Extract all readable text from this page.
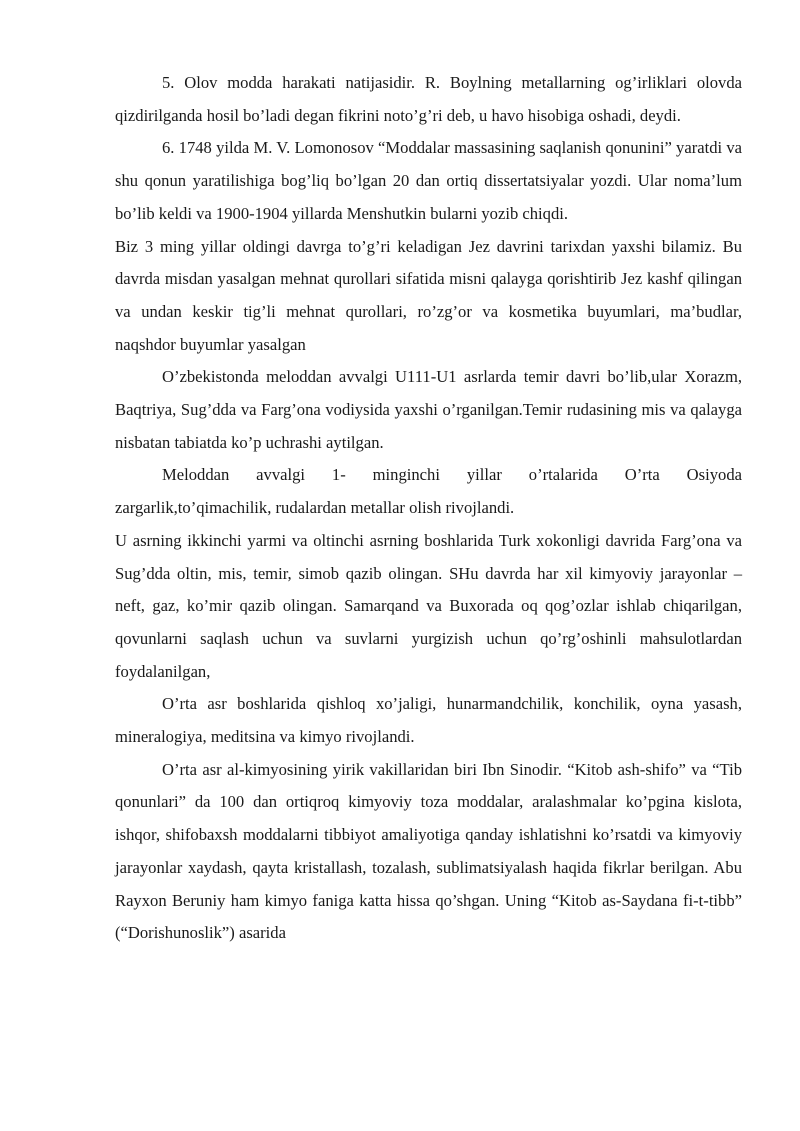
5. Olov modda harakati natijasidir. R. Boylning metallarning og’irliklari olovda qizdirilganda hosil bo’ladi degan fikrini noto’g’ri deb, u havo hisobiga oshadi, deydi.

6. 1748 yilda M. V. Lomonosov “Moddalar massasining saqlanish qonunini” yaratdi va shu qonun yaratilishiga bog’liq bo’lgan 20 dan ortiq dissertatsiyalar yozdi. Ular noma’lum bo’lib keldi va 1900-1904 yillarda Menshutkin bularni yozib chiqdi.

Biz 3 ming yillar oldingi davrga to’g’ri keladigan Jez davrini tarixdan yaxshi bilamiz. Bu davrda misdan yasalgan mehnat qurollari sifatida misni qalayga qorishtirib Jez kashf qilingan va undan keskir tig’li mehnat qurollari, ro’zg’or va kosmetika buyumlari, ma’budlar, naqshdor buyumlar yasalgan

O’zbekistonda meloddan avvalgi U111-U1 asrlarda temir davri bo’lib,ular Xorazm, Baqtriya, Sug’dda va Farg’ona vodiysida yaxshi o’rganilgan.Temir rudasining mis va qalayga nisbatan tabiatda ko’p uchrashi aytilgan.

Meloddan avvalgi 1- minginchi yillar o’rtalarida O’rta Osiyoda zargarlik,to’qimachilik, rudalardan metallar olish rivojlandi.

U asrning ikkinchi yarmi va oltinchi asrning boshlarida Turk xokonligi davrida Farg’ona va Sug’dda oltin, mis, temir, simob qazib olingan. SHu davrda har xil kimyoviy jarayonlar – neft, gaz, ko’mir qazib olingan. Samarqand va Buxorada oq qog’ozlar ishlab chiqarilgan, qovunlarni saqlash uchun va suvlarni yurgizish uchun qo’rg’oshinli mahsulotlardan foydalanilgan,

O’rta asr boshlarida qishloq xo’jaligi, hunarmandchilik, konchilik, oyna yasash, mineralogiya, meditsina va kimyo rivojlandi.

O’rta asr al-kimyosining yirik vakillaridan biri Ibn Sinodir. “Kitob ash-shifo” va “Tib qonunlari” da 100 dan ortiqroq kimyoviy toza moddalar, aralashmalar ko’pgina kislota, ishqor, shifobaxsh moddalarni tibbiyot amaliyotiga qanday ishlatishni ko’rsatdi va kimyoviy jarayonlar xaydash, qayta kristallash, tozalash, sublimatsiyalash haqida fikrlar berilgan. Abu Rayxon Beruniy ham kimyo faniga katta hissa qo’shgan. Uning “Kitob as-Saydana fi-t-tibb” (“Dorishunoslik”) asarida
